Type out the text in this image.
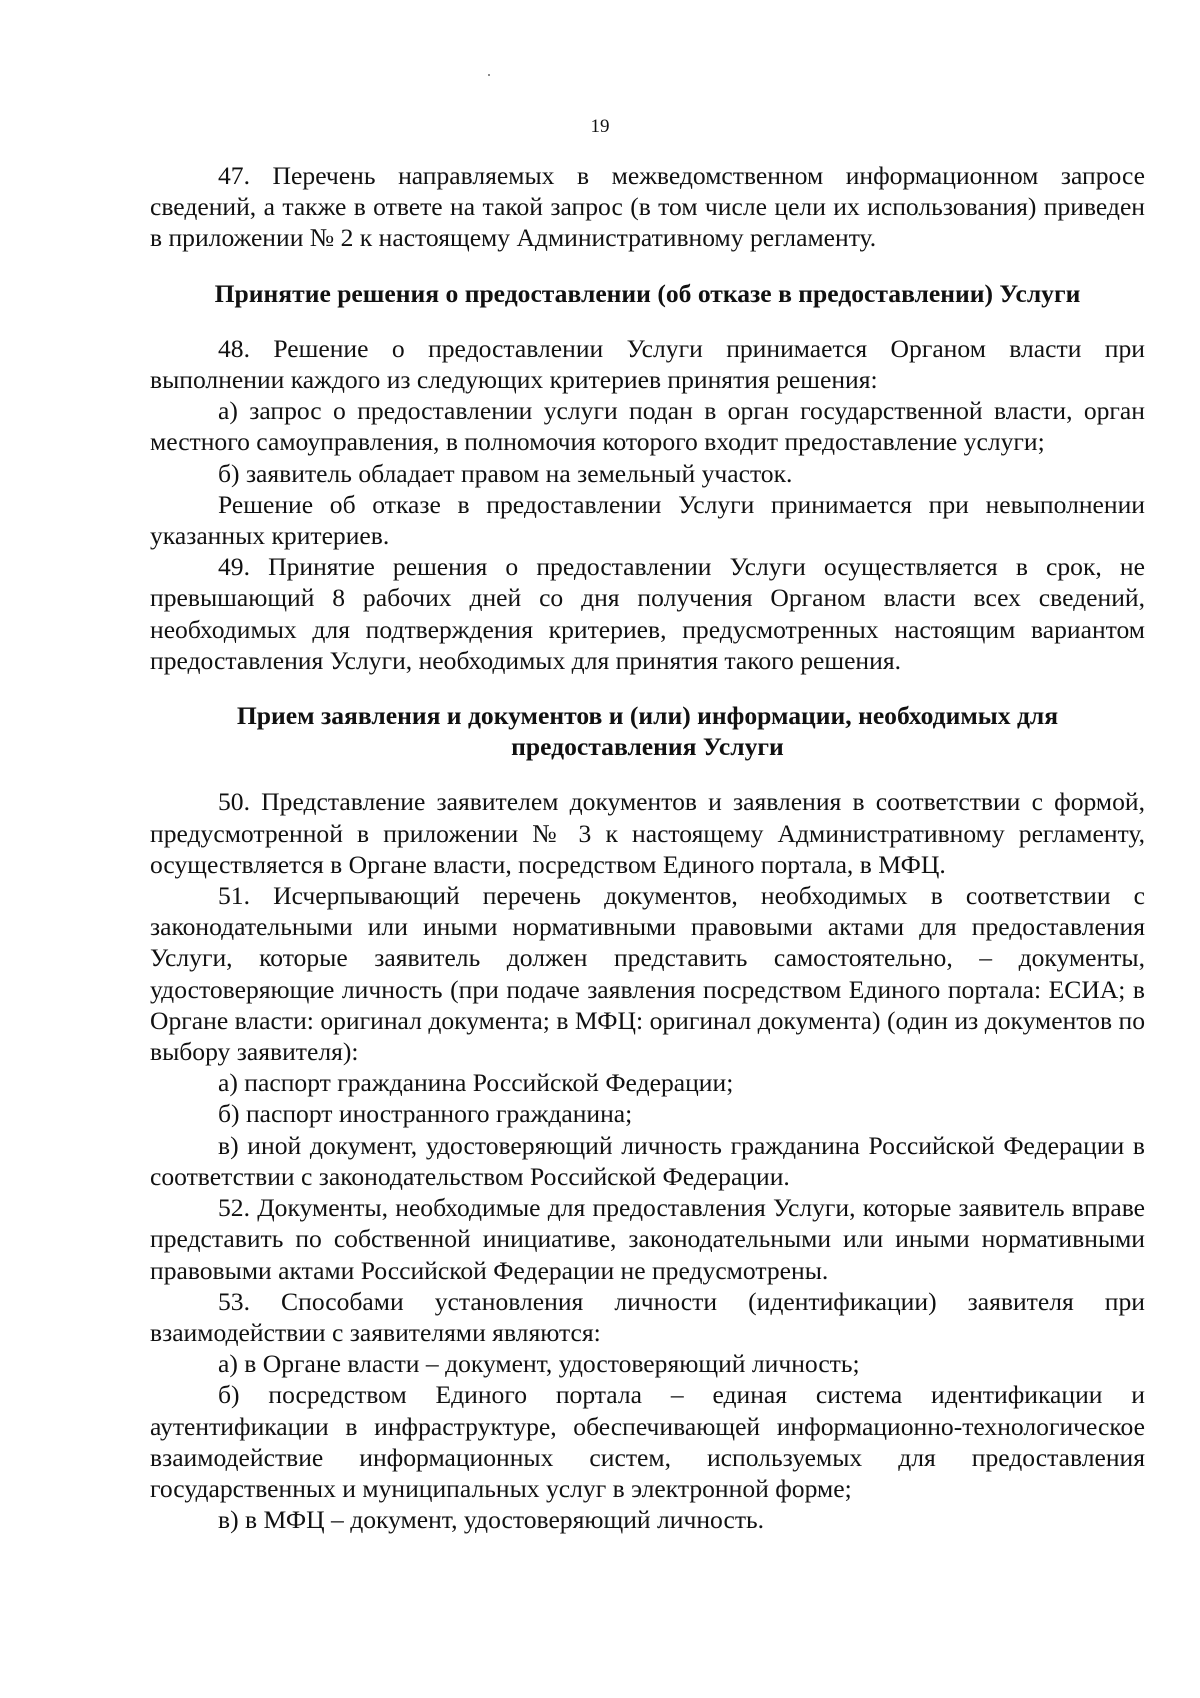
19

47. Перечень направляемых в межведомственном информационном запросе сведений, а также в ответе на такой запрос (в том числе цели их использования) приведен в приложении № 2 к настоящему Административному регламенту.

Принятие решения о предоставлении (об отказе в предоставлении) Услуги

48. Решение о предоставлении Услуги принимается Органом власти при выполнении каждого из следующих критериев принятия решения:

а) запрос о предоставлении услуги подан в орган государственной власти, орган местного самоуправления, в полномочия которого входит предоставление услуги;

б) заявитель обладает правом на земельный участок.

Решение об отказе в предоставлении Услуги принимается при невыполнении указанных критериев.

49. Принятие решения о предоставлении Услуги осуществляется в срок, не превышающий 8 рабочих дней со дня получения Органом власти всех сведений, необходимых для подтверждения критериев, предусмотренных настоящим вариантом предоставления Услуги, необходимых для принятия такого решения.

Прием заявления и документов и (или) информации, необходимых для предоставления Услуги

50. Представление заявителем документов и заявления в соответствии с формой, предусмотренной в приложении № 3 к настоящему Административному регламенту, осуществляется в Органе власти, посредством Единого портала, в МФЦ.

51. Исчерпывающий перечень документов, необходимых в соответствии с законодательными или иными нормативными правовыми актами для предоставления Услуги, которые заявитель должен представить самостоятельно, – документы, удостоверяющие личность (при подаче заявления посредством Единого портала: ЕСИА; в Органе власти: оригинал документа; в МФЦ: оригинал документа) (один из документов по выбору заявителя):

а) паспорт гражданина Российской Федерации;

б) паспорт иностранного гражданина;

в) иной документ, удостоверяющий личность гражданина Российской Федерации в соответствии с законодательством Российской Федерации.

52. Документы, необходимые для предоставления Услуги, которые заявитель вправе представить по собственной инициативе, законодательными или иными нормативными правовыми актами Российской Федерации не предусмотрены.

53. Способами установления личности (идентификации) заявителя при взаимодействии с заявителями являются:

а) в Органе власти – документ, удостоверяющий личность;

б) посредством Единого портала – единая система идентификации и аутентификации в инфраструктуре, обеспечивающей информационно-технологическое взаимодействие информационных систем, используемых для предоставления государственных и муниципальных услуг в электронной форме;

в) в МФЦ – документ, удостоверяющий личность.
